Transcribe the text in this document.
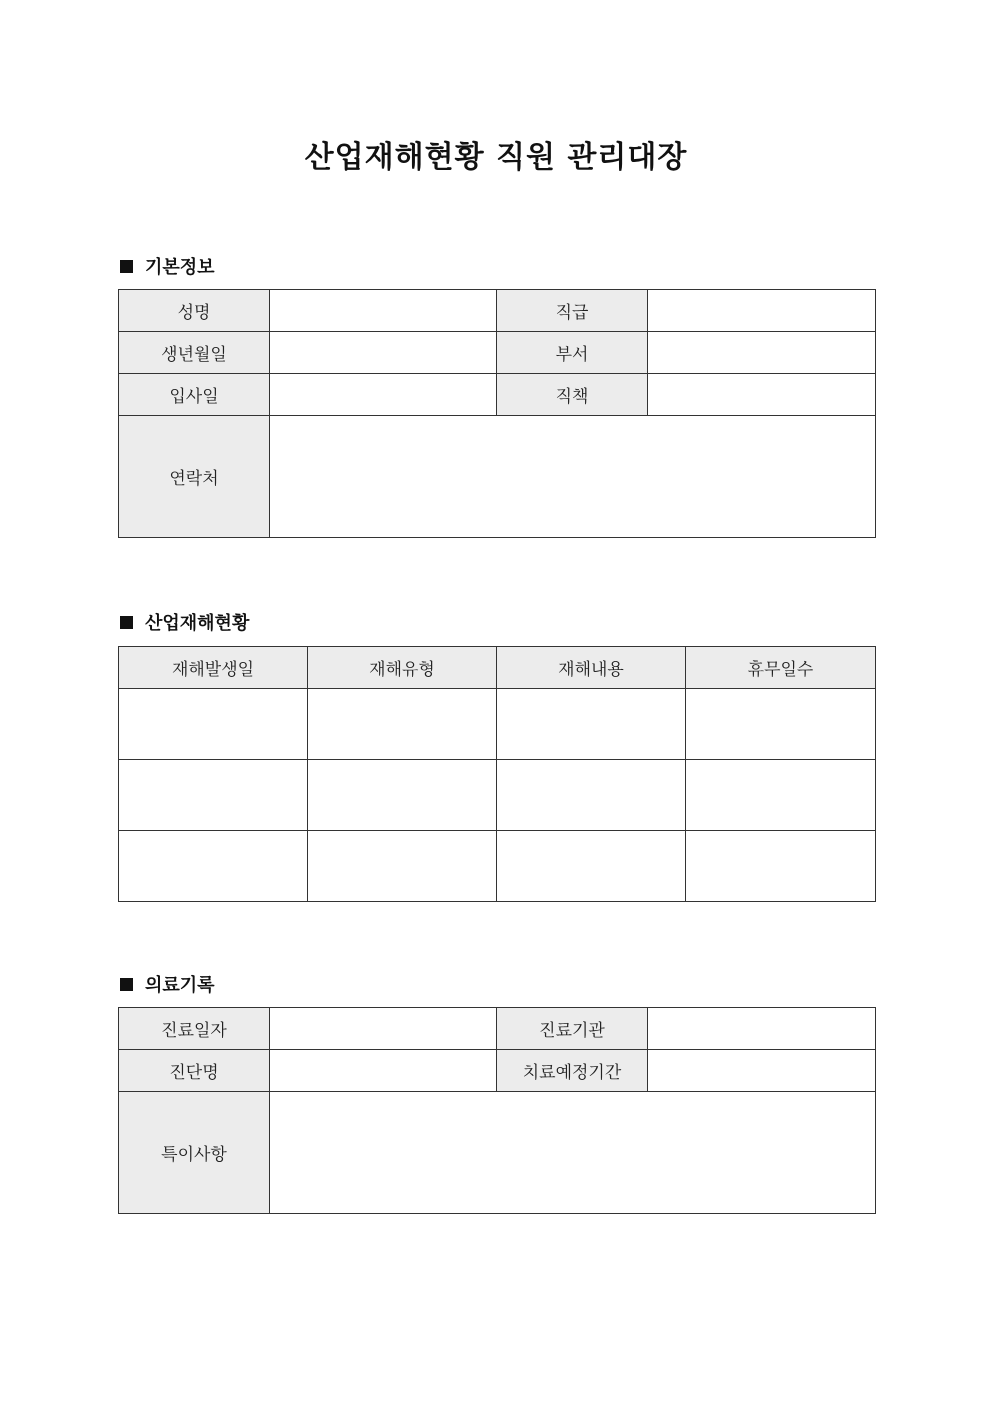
산업재해현황 직원 관리대장
기본정보
성명		직급	
생년월일		부서	
입사일		직책	
연락처			
산업재해현황
재해발생일	재해유형	재해내용	휴무일수

의료기록
진료일자		진료기관	
진단명		치료예정기간	
특이사항			
